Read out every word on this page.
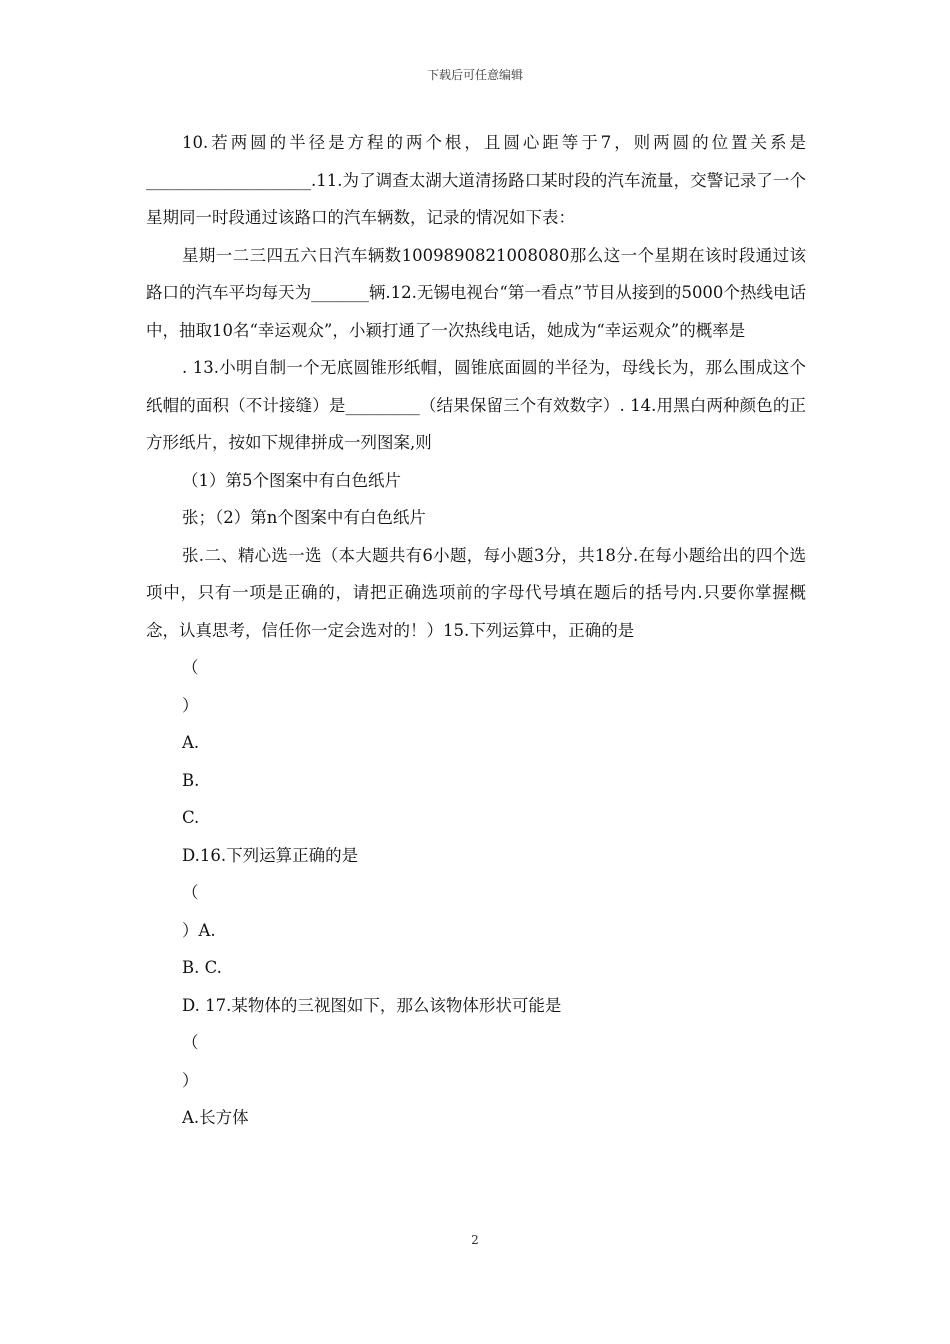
下载后可任意编辑

10.若两圆的半径是方程的两个根，且圆心距等于7，则两圆的位置关系是____________________.11.为了调查太湖大道清扬路口某时段的汽车流量，交警记录了一个星期同一时段通过该路口的汽车辆数，记录的情况如下表：

星期一二三四五六日汽车辆数1009890821008080那么这一个星期在该时段通过该路口的汽车平均每天为_______辆.12.无锡电视台“第一看点”节目从接到的5000个热线电话中，抽取10名“幸运观众”，小颖打通了一次热线电话，她成为“幸运观众”的概率是

. 13.小明自制一个无底圆锥形纸帽，圆锥底面圆的半径为，母线长为，那么围成这个纸帽的面积（不计接缝）是_________（结果保留三个有效数字）. 14.用黑白两种颜色的正方形纸片，按如下规律拼成一列图案,则

（1）第5个图案中有白色纸片

张；（2）第n个图案中有白色纸片

张.二、精心选一选（本大题共有6小题，每小题3分，共18分.在每小题给出的四个选项中，只有一项是正确的，请把正确选项前的字母代号填在题后的括号内.只要你掌握概念，认真思考，信任你一定会选对的！）15.下列运算中，正确的是

（

）

A.

B.

C.

D.16.下列运算正确的是

（

）A.

B. C.

D. 17.某物体的三视图如下，那么该物体形状可能是

（

）

A.长方体

2
